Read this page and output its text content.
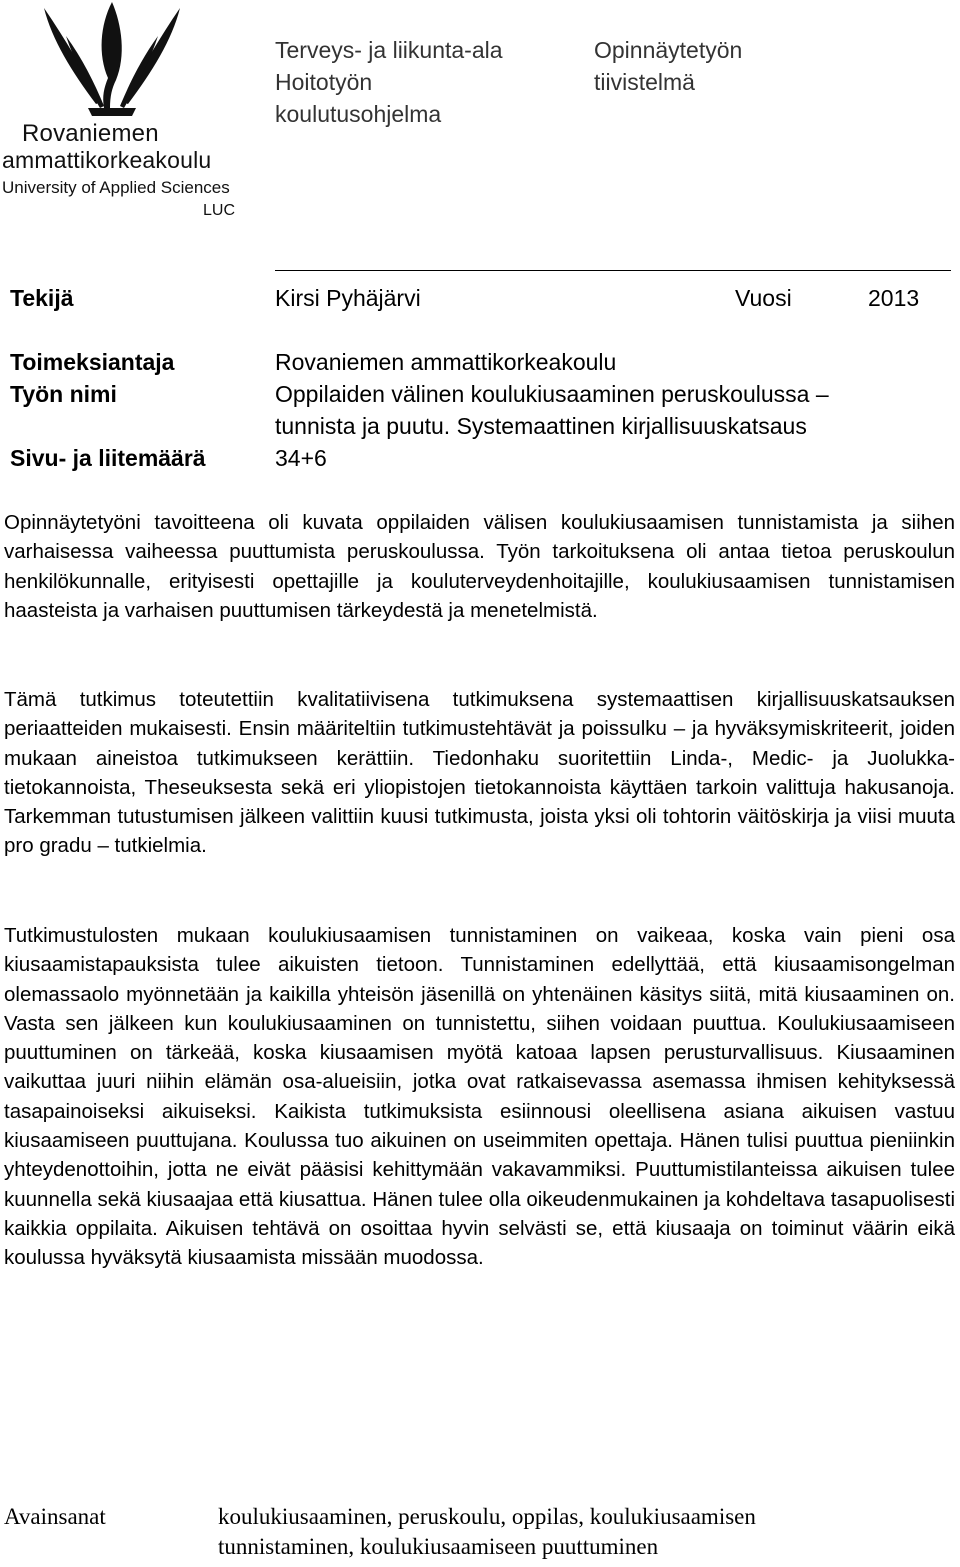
Rovaniemen
ammattikorkeakoulu
University of Applied Sciences
LUC
Terveys- ja liikunta-ala
Hoitotyön
koulutusohjelma
Opinnäytetyön
tiivistelmä
Tekijä	Kirsi Pyhäjärvi	Vuosi	2013
Toimeksiantaja	Rovaniemen ammattikorkeakoulu
Työn nimi	Oppilaiden välinen koulukiusaaminen peruskoulussa –
tunnista ja puutu. Systemaattinen kirjallisuuskatsaus
Sivu- ja liitemäärä	34+6

Opinnäytetyöni tavoitteena oli kuvata oppilaiden välisen koulukiusaamisen tunnistamista ja siihen varhaisessa vaiheessa puuttumista peruskoulussa. Työn tarkoituksena oli antaa tietoa peruskoulun henkilökunnalle, erityisesti opettajille ja kouluterveydenhoitajille, koulukiusaamisen tunnistamisen haasteista ja varhaisen puuttumisen tärkeydestä ja menetelmistä.

Tämä tutkimus toteutettiin kvalitatiivisena tutkimuksena systemaattisen kirjallisuuskatsauksen periaatteiden mukaisesti. Ensin määriteltiin tutkimustehtävät ja poissulku – ja hyväksymiskriteerit, joiden mukaan aineistoa tutkimukseen kerättiin. Tiedonhaku suoritettiin Linda-, Medic- ja Juolukka-tietokannoista, Theseuksesta sekä eri yliopistojen tietokannoista käyttäen tarkoin valittuja hakusanoja. Tarkemman tutustumisen jälkeen valittiin kuusi tutkimusta, joista yksi oli tohtorin väitöskirja ja viisi muuta pro gradu – tutkielmia.

Tutkimustulosten mukaan koulukiusaamisen tunnistaminen on vaikeaa, koska vain pieni osa kiusaamistapauksista tulee aikuisten tietoon. Tunnistaminen edellyttää, että kiusaamisongelman olemassaolo myönnetään ja kaikilla yhteisön jäsenillä on yhtenäinen käsitys siitä, mitä kiusaaminen on. Vasta sen jälkeen kun koulukiusaaminen on tunnistettu, siihen voidaan puuttua. Koulukiusaamiseen puuttuminen on tärkeää, koska kiusaamisen myötä katoaa lapsen perusturvallisuus. Kiusaaminen vaikuttaa juuri niihin elämän osa-alueisiin, jotka ovat ratkaisevassa asemassa ihmisen kehityksessä tasapainoiseksi aikuiseksi. Kaikista tutkimuksista esiinnousi oleellisena asiana aikuisen vastuu kiusaamiseen puuttujana. Koulussa tuo aikuinen on useimmiten opettaja. Hänen tulisi puuttua pieniinkin yhteydenottoihin, jotta ne eivät pääsisi kehittymään vakavammiksi. Puuttumistilanteissa aikuisen tulee kuunnella sekä kiusaajaa että kiusattua. Hänen tulee olla oikeudenmukainen ja kohdeltava tasapuolisesti kaikkia oppilaita. Aikuisen tehtävä on osoittaa hyvin selvästi se, että kiusaaja on toiminut väärin eikä koulussa hyväksytä kiusaamista missään muodossa.

Avainsanat	koulukiusaaminen, peruskoulu, oppilas, koulukiusaamisen
tunnistaminen, koulukiusaamiseen puuttuminen
